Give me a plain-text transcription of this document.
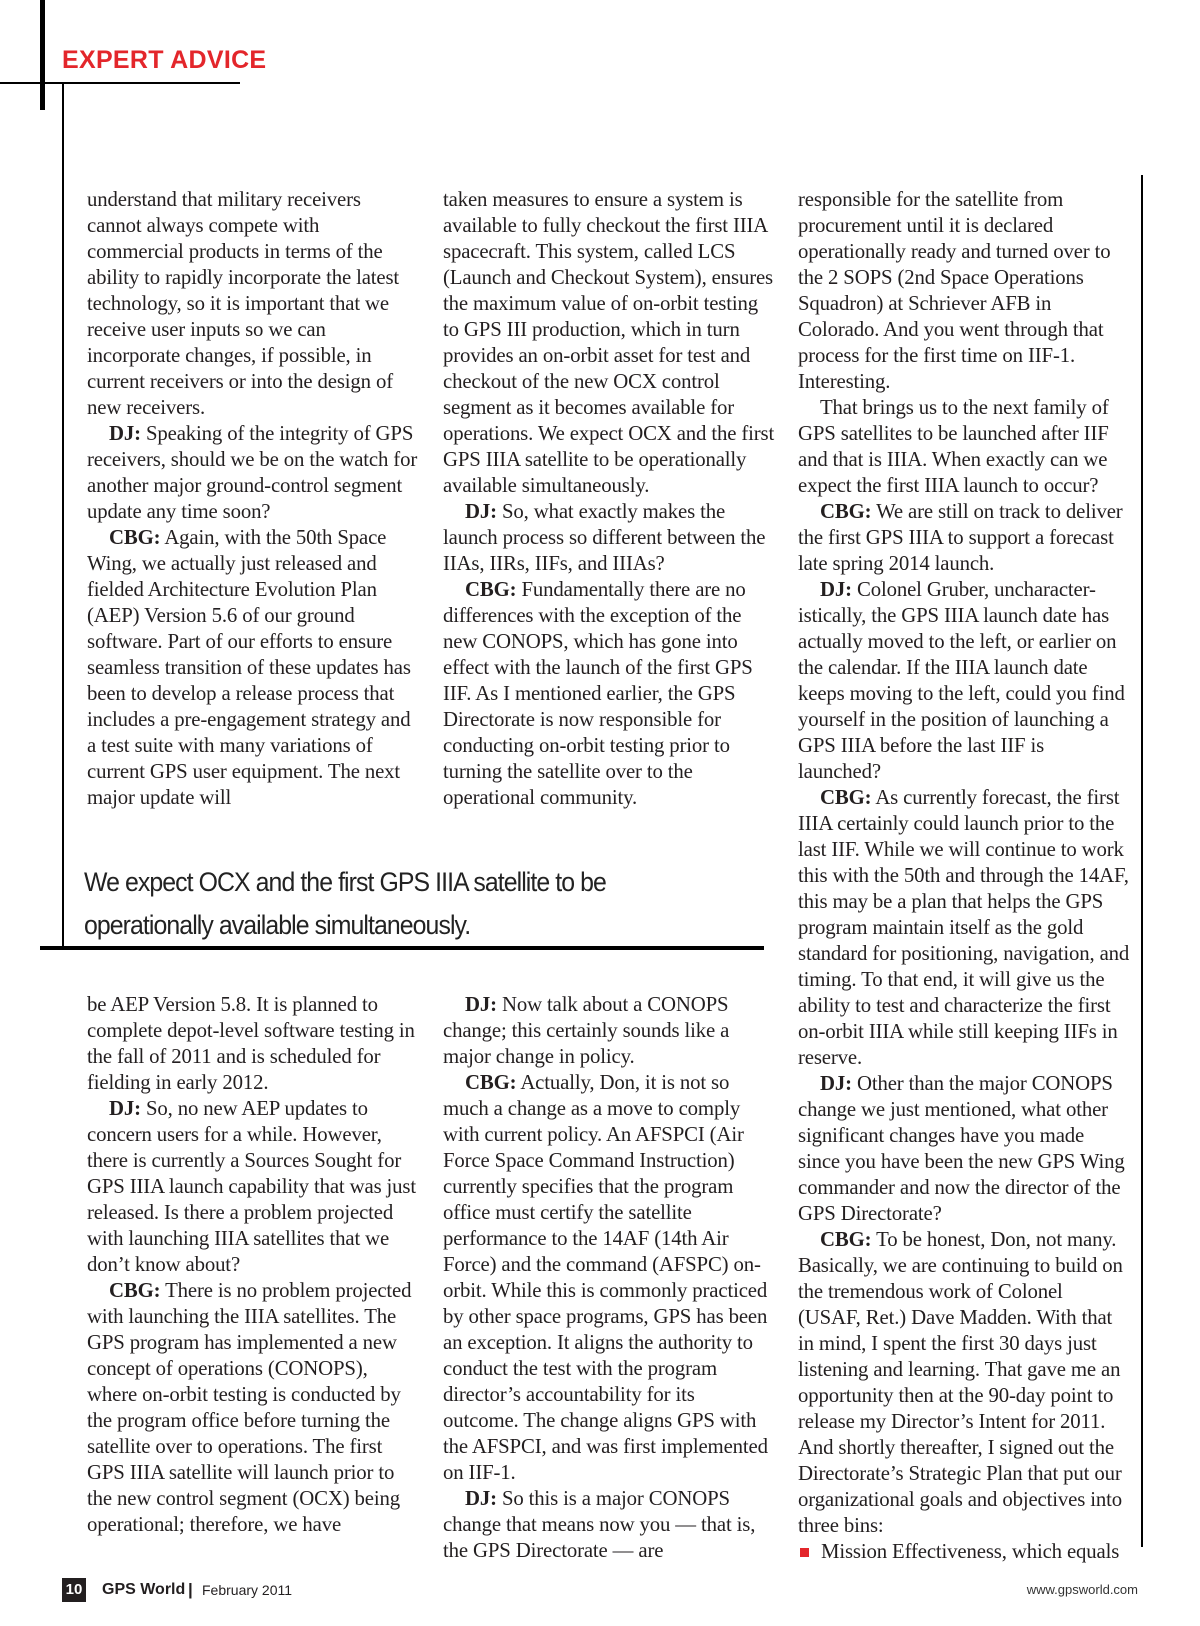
EXPERT ADVICE

understand that military receivers cannot always compete with commercial products in terms of the ability to rapidly incorporate the latest technology, so it is important that we receive user inputs so we can incorporate changes, if possible, in current receivers or into the design of new receivers.

DJ: Speaking of the integrity of GPS receivers, should we be on the watch for another major ground-control segment update any time soon?

CBG: Again, with the 50th Space Wing, we actually just released and fielded Architecture Evolution Plan (AEP) Version 5.6 of our ground software. Part of our efforts to ensure seamless transition of these updates has been to develop a release process that includes a pre-engagement strategy and a test suite with many variations of current GPS user equipment. The next major update will

taken measures to ensure a system is available to fully checkout the first IIIA spacecraft. This system, called LCS (Launch and Checkout System), ensures the maximum value of on-orbit testing to GPS III production, which in turn provides an on-orbit asset for test and checkout of the new OCX control segment as it becomes available for operations. We expect OCX and the first GPS IIIA satellite to be operationally available simultaneously.

DJ: So, what exactly makes the launch process so different between the IIAs, IIRs, IIFs, and IIIAs?

CBG: Fundamentally there are no differences with the exception of the new CONOPS, which has gone into effect with the launch of the first GPS IIF. As I mentioned earlier, the GPS Directorate is now responsible for conducting on-orbit testing prior to turning the satellite over to the operational community.

responsible for the satellite from procurement until it is declared operationally ready and turned over to the 2 SOPS (2nd Space Operations Squadron) at Schriever AFB in Colorado. And you went through that process for the first time on IIF-1. Interesting.

That brings us to the next family of GPS satellites to be launched after IIF and that is IIIA. When exactly can we expect the first IIIA launch to occur?

CBG: We are still on track to deliver the first GPS IIIA to support a forecast late spring 2014 launch.

DJ: Colonel Gruber, uncharacter-istically, the GPS IIIA launch date has actually moved to the left, or earlier on the calendar. If the IIIA launch date keeps moving to the left, could you find yourself in the position of launching a GPS IIIA before the last IIF is launched?

CBG: As currently forecast, the first IIIA certainly could launch prior to the last IIF. While we will continue to work this with the 50th and through the 14AF, this may be a plan that helps the GPS program maintain itself as the gold standard for positioning, navigation, and timing. To that end, it will give us the ability to test and characterize the first on-orbit IIIA while still keeping IIFs in reserve.

DJ: Other than the major CONOPS change we just mentioned, what other significant changes have you made since you have been the new GPS Wing commander and now the director of the GPS Directorate?

CBG: To be honest, Don, not many. Basically, we are continuing to build on the tremendous work of Colonel (USAF, Ret.) Dave Madden. With that in mind, I spent the first 30 days just listening and learning. That gave me an opportunity then at the 90-day point to release my Director’s Intent for 2011. And shortly thereafter, I signed out the Directorate’s Strategic Plan that put our organizational goals and objectives into three bins:

Mission Effectiveness, which equals

We expect OCX and the first GPS IIIA satellite to be operationally available simultaneously.

be AEP Version 5.8. It is planned to complete depot-level software testing in the fall of 2011 and is scheduled for fielding in early 2012.

DJ: So, no new AEP updates to concern users for a while. However, there is currently a Sources Sought for GPS IIIA launch capability that was just released. Is there a problem projected with launching IIIA satellites that we don’t know about?

CBG: There is no problem projected with launching the IIIA satellites. The GPS program has implemented a new concept of operations (CONOPS), where on-orbit testing is conducted by the program office before turning the satellite over to operations. The first GPS IIIA satellite will launch prior to the new control segment (OCX) being operational; therefore, we have

DJ: Now talk about a CONOPS change; this certainly sounds like a major change in policy.

CBG: Actually, Don, it is not so much a change as a move to comply with current policy. An AFSPCI (Air Force Space Command Instruction) currently specifies that the program office must certify the satellite performance to the 14AF (14th Air Force) and the command (AFSPC) on-orbit. While this is commonly practiced by other space programs, GPS has been an exception. It aligns the authority to conduct the test with the program director’s accountability for its outcome. The change aligns GPS with the AFSPCI, and was first implemented on IIF-1.

DJ: So this is a major CONOPS change that means now you — that is, the GPS Directorate — are

10 GPS World | February 2011	www.gpsworld.com
